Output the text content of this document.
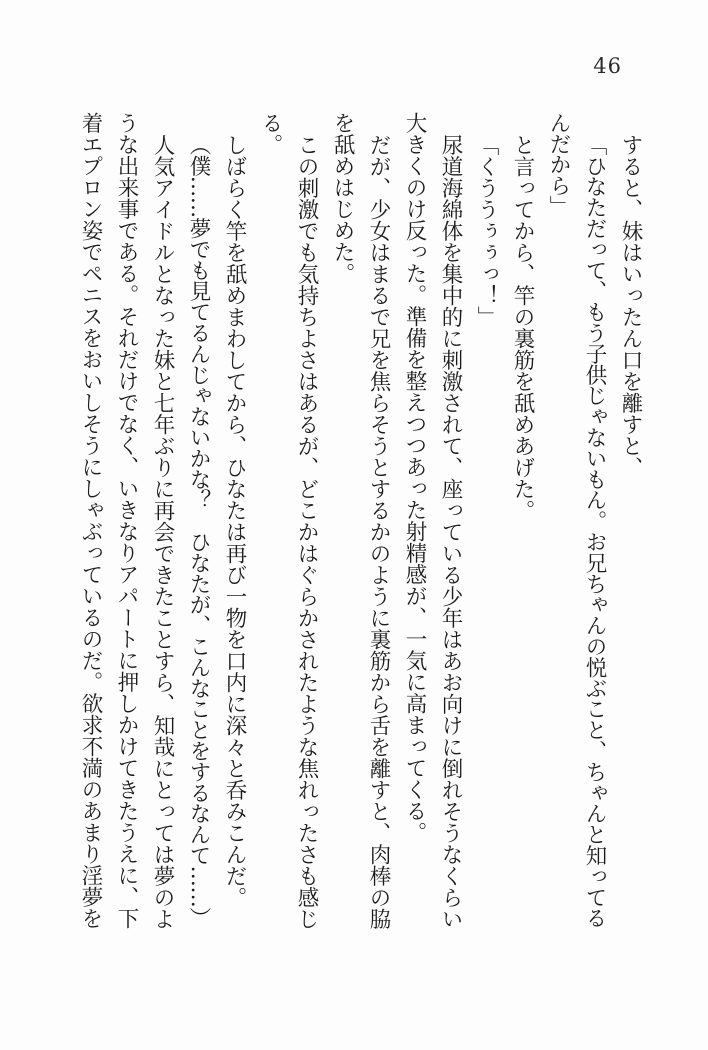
46

すると、妹はいったん口を離すと、

「ひなただって、もう子供じゃないもん。お兄ちゃんの悦ぶこと、ちゃんと知ってるんだから」

と言ってから、竿の裏筋を舐めあげた。

「くううぅぅっ！」

尿道海綿体を集中的に刺激されて、座っている少年はあお向けに倒れそうなくらい大きくのけ反った。準備を整えつつあった射精感が、一気に高まってくる。

だが、少女はまるで兄を焦らそうとするかのように裏筋から舌を離すと、肉棒の脇を舐めはじめた。

この刺激でも気持ちよさはあるが、どこかはぐらかされたような焦れったさも感じる。

しばらく竿を舐めまわしてから、ひなたは再び一物を口内に深々と呑みこんだ。

（僕……夢でも見てるんじゃないかな？　ひなたが、こんなことをするなんて……）

人気アイドルとなった妹と七年ぶりに再会できたことすら、知哉にとっては夢のような出来事である。それだけでなく、いきなりアパートに押しかけてきたうえに、下着エプロン姿でペニスをおいしそうにしゃぶっているのだ。欲求不満のあまり淫夢を
